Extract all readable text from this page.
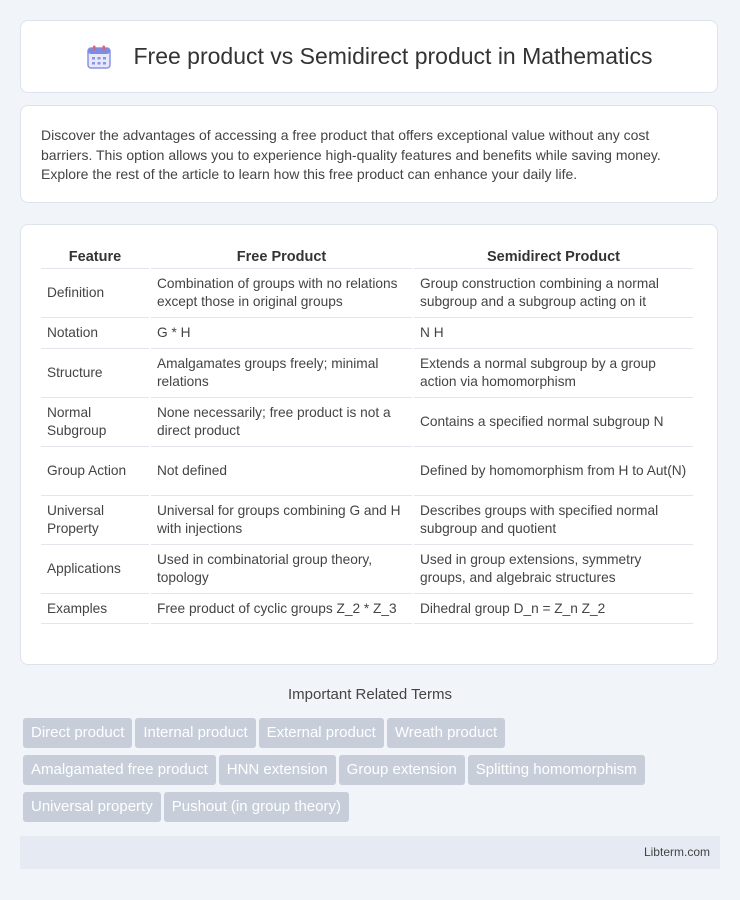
Free product vs Semidirect product in Mathematics

Discover the advantages of accessing a free product that offers exceptional value without any cost barriers. This option allows you to experience high-quality features and benefits while saving money. Explore the rest of the article to learn how this free product can enhance your daily life.

Feature	Free Product	Semidirect Product
Definition	Combination of groups with no relations except those in original groups	Group construction combining a normal subgroup and a subgroup acting on it
Notation	G * H	N H
Structure	Amalgamates groups freely; minimal relations	Extends a normal subgroup by a group action via homomorphism
Normal Subgroup	None necessarily; free product is not a direct product	Contains a specified normal subgroup N
Group Action	Not defined	Defined by homomorphism from H to Aut(N)
Universal Property	Universal for groups combining G and H with injections	Describes groups with specified normal subgroup and quotient
Applications	Used in combinatorial group theory, topology	Used in group extensions, symmetry groups, and algebraic structures
Examples	Free product of cyclic groups Z_2 * Z_3	Dihedral group D_n = Z_n Z_2
Important Related Terms
Direct product Internal product External product Wreath product
Amalgamated free product HNN extension Group extension Splitting homomorphism
Universal property Pushout (in group theory)
Libterm.com
